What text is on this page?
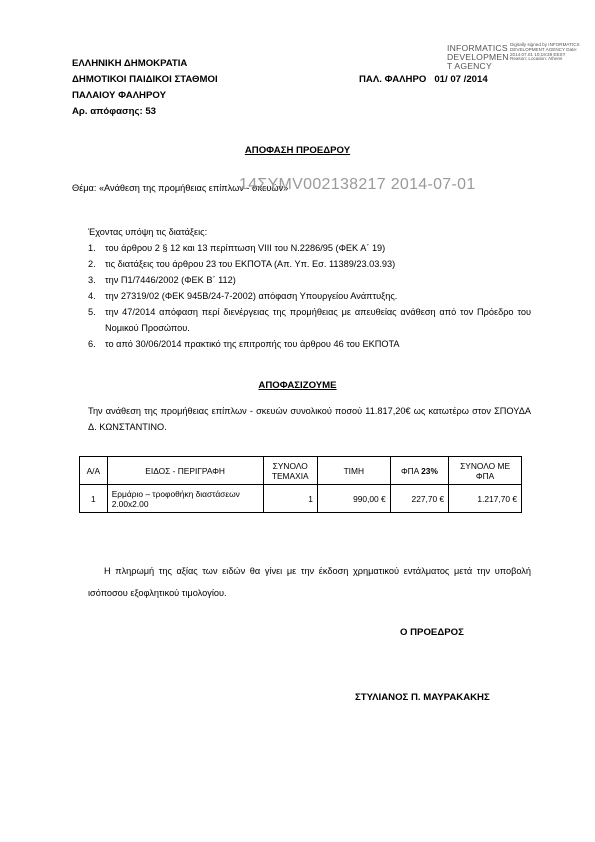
ΕΛΛΗΝΙΚΗ ΔΗΜΟΚΡΑΤΙΑ
ΔΗΜΟΤΙΚΟΙ ΠΑΙΔΙΚΟΙ ΣΤΑΘΜΟΙ
ΠΑΛΑΙΟΥ ΦΑΛΗΡΟΥ
Αρ. απόφασης: 53
ΠΑΛ. ΦΑΛΗΡΟ   01/ 07 /2014
INFORMATICS DEVELOPMEN T AGENCY
Digitally signed by INFORMATICS DEVELOPMENT AGENCY Date: 2014.07.01 10:19:38 EEST Reason: Location: Athens
ΑΠΟΦΑΣΗ ΠΡΟΕΔΡΟΥ
Θέμα: «Ανάθεση της προμήθειας επίπλων - σκευών»
14ΣΥΜV002138217 2014-07-01
Έχοντας υπόψη τις διατάξεις:
1. του άρθρου 2 § 12 και 13 περίπτωση VIII του Ν.2286/95 (ΦΕΚ Α΄ 19)
2. τις διατάξεις του άρθρου 23 του ΕΚΠΟΤΑ (Απ. Υπ. Εσ. 11389/23.03.93)
3. την Π1/7446/2002 (ΦΕΚ Β΄ 112)
4. την 27319/02 (ΦΕΚ 945Β/24-7-2002) απόφαση Υπουργείου Ανάπτυξης.
5. την 47/2014 απόφαση περί διενέργειας της προμήθειας με απευθείας ανάθεση από τον Πρόεδρο του Νομικού Προσώπου.
6. το από 30/06/2014 πρακτικό της επιτροπής του άρθρου 46 του ΕΚΠΟΤΑ
ΑΠΟΦΑΣΙΖΟΥΜΕ
Την ανάθεση της προμήθειας επίπλων - σκευών συνολικού ποσού 11.817,20€ ως κατωτέρω στον ΣΠΟΥΔΑ Δ. ΚΩΝΣΤΑΝΤΙΝΟ.
Α/Α	ΕΙΔΟΣ - ΠΕΡΙΓΡΑΦΗ	ΣΥΝΟΛΟ ΤΕΜΑΧΙΑ	ΤΙΜΗ	ΦΠΑ 23%	ΣΥΝΟΛΟ ΜΕ ΦΠΑ
1	Ερμάριο – τροφοθήκη διαστάσεων 2.00x2.00	1	990,00 €	227,70 €	1.217,70 €
Η πληρωμή της αξίας των ειδών θα γίνει με την έκδοση χρηματικού εντάλματος μετά την υποβολή ισόποσου εξοφλητικού τιμολογίου.
Ο ΠΡΟΕΔΡΟΣ
ΣΤΥΛΙΑΝΟΣ Π. ΜΑΥΡΑΚΑΚΗΣ
